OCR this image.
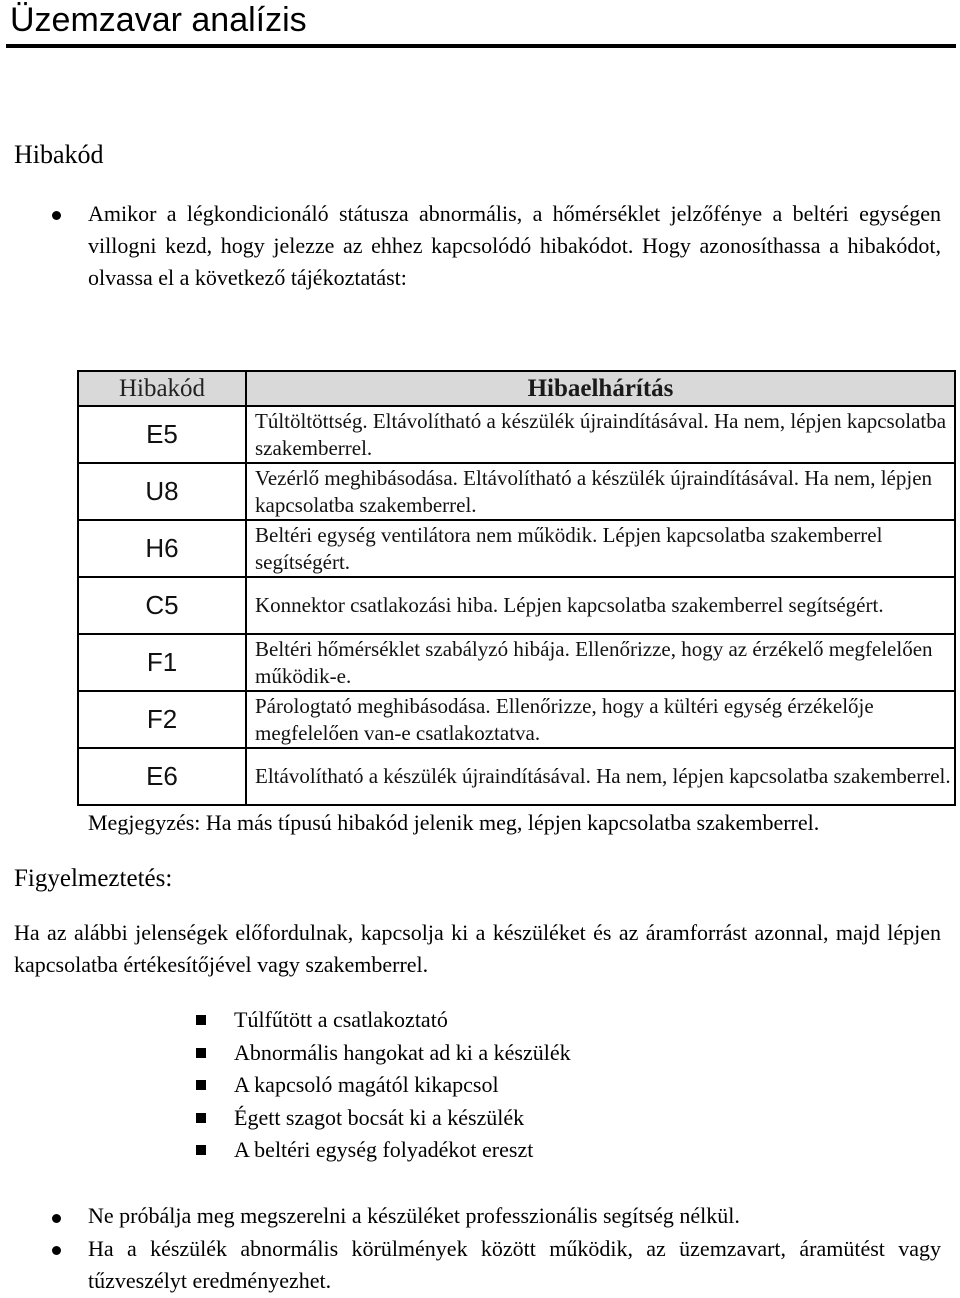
Üzemzavar analízis
Hibakód
Amikor a légkondicionáló státusza abnormális, a hőmérséklet jelzőfénye a beltéri egységen villogni kezd, hogy jelezze az ehhez kapcsolódó hibakódot. Hogy azonosíthassa a hibakódot, olvassa el a következő tájékoztatást:
Hibakód	Hibaelhárítás
E5	Túltöltöttség. Eltávolítható a készülék újraindításával. Ha nem, lépjen kapcsolatba szakemberrel.
U8	Vezérlő meghibásodása. Eltávolítható a készülék újraindításával. Ha nem, lépjen kapcsolatba szakemberrel.
H6	Beltéri egység ventilátora nem működik. Lépjen kapcsolatba szakemberrel segítségért.
C5	Konnektor csatlakozási hiba. Lépjen kapcsolatba szakemberrel segítségért.
F1	Beltéri hőmérséklet szabályzó hibája. Ellenőrizze, hogy az érzékelő megfelelően működik-e.
F2	Párologtató meghibásodása. Ellenőrizze, hogy a kültéri egység érzékelője megfelelően van-e csatlakoztatva.
E6	Eltávolítható a készülék újraindításával. Ha nem, lépjen kapcsolatba szakemberrel.
Megjegyzés: Ha más típusú hibakód jelenik meg, lépjen kapcsolatba szakemberrel.
Figyelmeztetés:
Ha az alábbi jelenségek előfordulnak, kapcsolja ki a készüléket és az áramforrást azonnal, majd lépjen kapcsolatba értékesítőjével vagy szakemberrel.
Túlfűtött a csatlakoztató
Abnormális hangokat ad ki a készülék
A kapcsoló magától kikapcsol
Égett szagot bocsát ki a készülék
A beltéri egység folyadékot ereszt
Ne próbálja meg megszerelni a készüléket professzionális segítség nélkül.
Ha a készülék abnormális körülmények között működik, az üzemzavart, áramütést vagy tűzveszélyt eredményezhet.
